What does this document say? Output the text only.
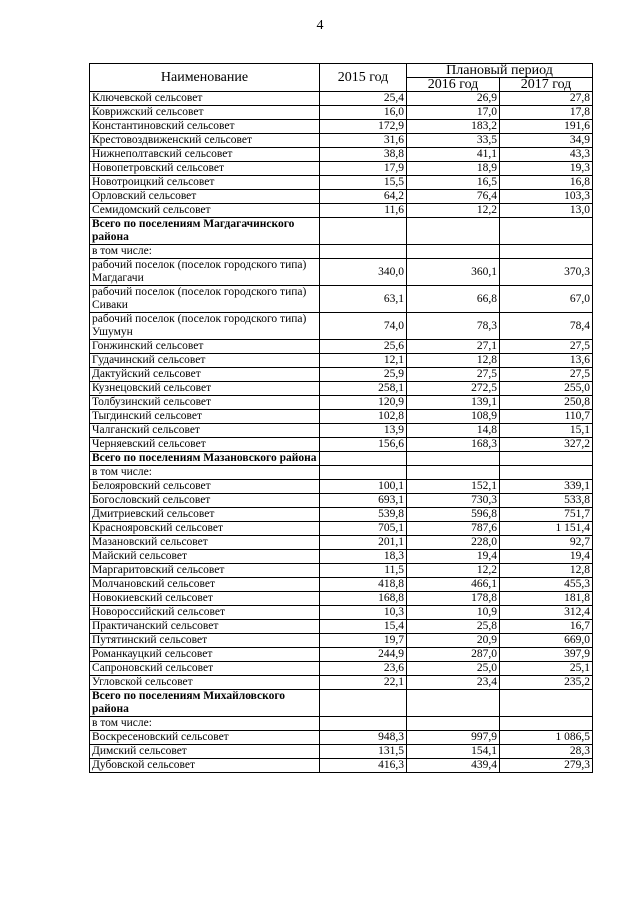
4
Наименование	2015 год	Плановый период	
		2016 год	2017 год
Ключевской сельсовет	25,4	26,9	27,8
Коврижский сельсовет	16,0	17,0	17,8
Константиновский сельсовет	172,9	183,2	191,6
Крестовоздвиженский сельсовет	31,6	33,5	34,9
Нижнеполтавский сельсовет	38,8	41,1	43,3
Новопетровский сельсовет	17,9	18,9	19,3
Новотроицкий сельсовет	15,5	16,5	16,8
Орловский сельсовет	64,2	76,4	103,3
Семидомский сельсовет	11,6	12,2	13,0
Всего по поселениям Магдагачинского района			
в том числе:			
рабочий поселок (поселок городского типа) Магдагачи	340,0	360,1	370,3
рабочий поселок (поселок городского типа) Сиваки	63,1	66,8	67,0
рабочий поселок (поселок городского типа) Ушумун	74,0	78,3	78,4
Гонжинский сельсовет	25,6	27,1	27,5
Гудачинский сельсовет	12,1	12,8	13,6
Дактуйский сельсовет	25,9	27,5	27,5
Кузнецовский сельсовет	258,1	272,5	255,0
Толбузинский сельсовет	120,9	139,1	250,8
Тыгдинский сельсовет	102,8	108,9	110,7
Чалганский сельсовет	13,9	14,8	15,1
Черняевский сельсовет	156,6	168,3	327,2
Всего по поселениям Мазановского района			
в том числе:			
Белояровский сельсовет	100,1	152,1	339,1
Богословский сельсовет	693,1	730,3	533,8
Дмитриевский сельсовет	539,8	596,8	751,7
Краснояровский сельсовет	705,1	787,6	1 151,4
Мазановский сельсовет	201,1	228,0	92,7
Майский сельсовет	18,3	19,4	19,4
Маргаритовский сельсовет	11,5	12,2	12,8
Молчановский сельсовет	418,8	466,1	455,3
Новокиевский сельсовет	168,8	178,8	181,8
Новороссийский сельсовет	10,3	10,9	312,4
Практичанский сельсовет	15,4	25,8	16,7
Путятинский сельсовет	19,7	20,9	669,0
Романкауцкий сельсовет	244,9	287,0	397,9
Сапроновский сельсовет	23,6	25,0	25,1
Угловской сельсовет	22,1	23,4	235,2
Всего по поселениям Михайловского района			
в том числе:			
Воскресеновский сельсовет	948,3	997,9	1 086,5
Димский сельсовет	131,5	154,1	28,3
Дубовской сельсовет	416,3	439,4	279,3
